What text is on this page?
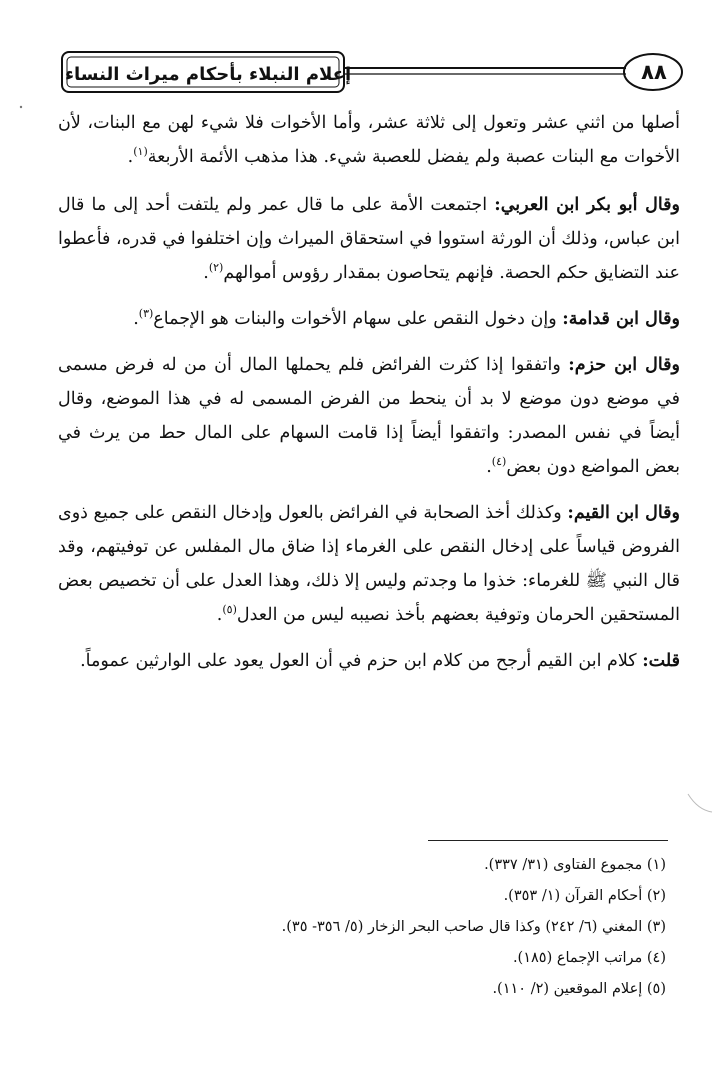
إعلام النبلاء بأحكام ميراث النساء	٨٨

أصلها من اثني عشر وتعول إلى ثلاثة عشر، وأما الأخوات فلا شيء لهن مع البنات، لأن الأخوات مع البنات عصبة ولم يفضل للعصبة شيء. هذا مذهب الأئمة الأربعة$^{(١)}$.

وقال أبو بكر ابن العربي: اجتمعت الأمة على ما قال عمر ولم يلتفت أحد إلى ما قال ابن عباس، وذلك أن الورثة استووا في استحقاق الميراث وإن اختلفوا في قدره، فأعطوا عند التضايق حكم الحصة. فإنهم يتحاصون بمقدار رؤوس أموالهم$^{(٢)}$.

وقال ابن قدامة: وإن دخول النقص على سهام الأخوات والبنات هو الإجماع$^{(٣)}$.

وقال ابن حزم: واتفقوا إذا كثرت الفرائض فلم يحملها المال أن من له فرض مسمى في موضع دون موضع لا بد أن ينحط من الفرض المسمى له في هذا الموضع، وقال أيضاً في نفس المصدر: واتفقوا أيضاً إذا قامت السهام على المال حط من يرث في بعض المواضع دون بعض$^{(٤)}$.

وقال ابن القيم: وكذلك أخذ الصحابة في الفرائض بالعول وإدخال النقص على جميع ذوى الفروض قياساً على إدخال النقص على الغرماء إذا ضاق مال المفلس عن توفيتهم، وقد قال النبي ﷺ للغرماء: خذوا ما وجدتم وليس إلا ذلك، وهذا العدل على أن تخصيص بعض المستحقين الحرمان وتوفية بعضهم بأخذ نصيبه ليس من العدل$^{(٥)}$.

قلت: كلام ابن القيم أرجح من كلام ابن حزم في أن العول يعود على الوارثين عموماً.

(١) مجموع الفتاوى (٣١/ ٣٣٧).

(٢) أحكام القرآن (١/ ٣٥٣).

(٣) المغني (٦/ ٢٤٢) وكذا قال صاحب البحر الزخار (٥/ ٣٥٦- ٣٥).

(٤) مراتب الإجماع (١٨٥).

(٥) إعلام الموقعين (٢/ ١١٠).
